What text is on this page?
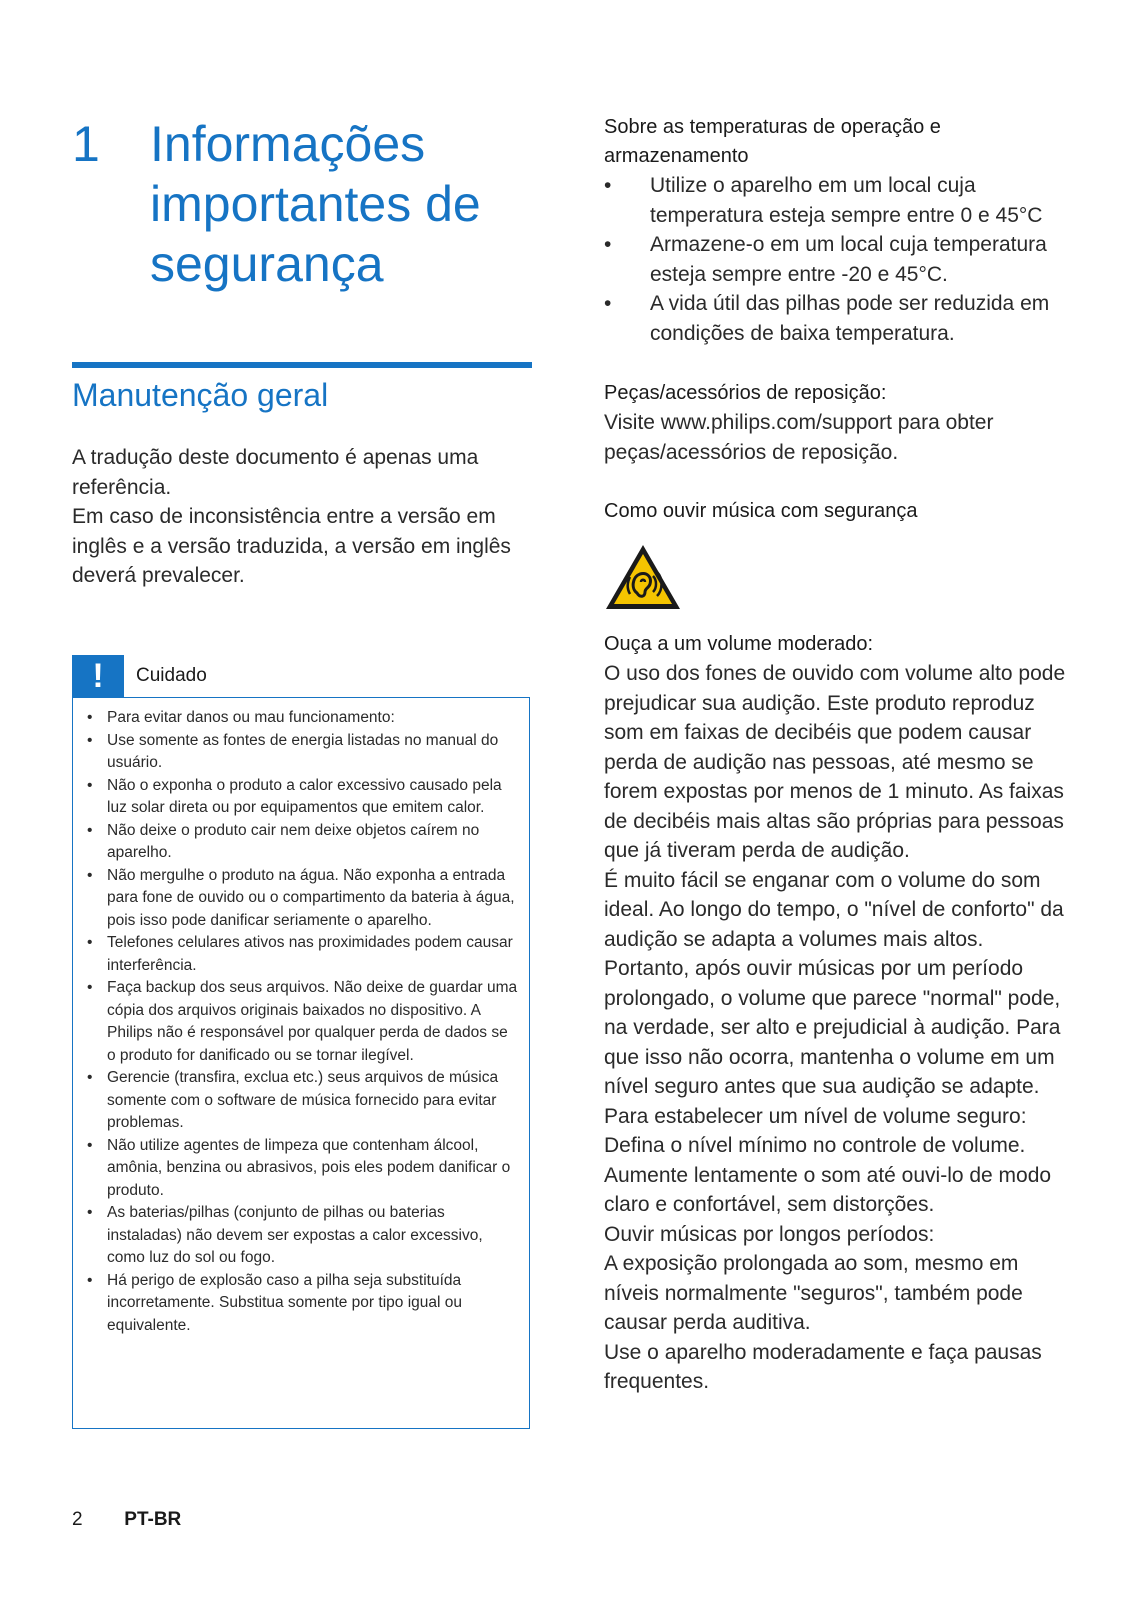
1	Informações importantes de segurança
Manutenção geral

A tradução deste documento é apenas uma referência.

Em caso de inconsistência entre a versão em inglês e a versão traduzida, a versão em inglês deverá prevalecer.

!	Cuidado
• Para evitar danos ou mau funcionamento:
• Use somente as fontes de energia listadas no manual do usuário.
• Não o exponha o produto a calor excessivo causado pela luz solar direta ou por equipamentos que emitem calor.
• Não deixe o produto cair nem deixe objetos caírem no aparelho.
• Não mergulhe o produto na água. Não exponha a entrada para fone de ouvido ou o compartimento da bateria à água, pois isso pode danificar seriamente o aparelho.
• Telefones celulares ativos nas proximidades podem causar interferência.
• Faça backup dos seus arquivos. Não deixe de guardar uma cópia dos arquivos originais baixados no dispositivo. A Philips não é responsável por qualquer perda de dados se o produto for danificado ou se tornar ilegível.
• Gerencie (transfira, exclua etc.) seus arquivos de música somente com o software de música fornecido para evitar problemas.
• Não utilize agentes de limpeza que contenham álcool, amônia, benzina ou abrasivos, pois eles podem danificar o produto.
• As baterias/pilhas (conjunto de pilhas ou baterias instaladas) não devem ser expostas a calor excessivo, como luz do sol ou fogo.
• Há perigo de explosão caso a pilha seja substituída incorretamente. Substitua somente por tipo igual ou equivalente.

Sobre as temperaturas de operação e armazenamento

• Utilize o aparelho em um local cuja temperatura esteja sempre entre 0 e 45°C
• Armazene-o em um local cuja temperatura esteja sempre entre -20 e 45°C.
• A vida útil das pilhas pode ser reduzida em condições de baixa temperatura.

Peças/acessórios de reposição:

Visite www.philips.com/support para obter peças/acessórios de reposição.

Como ouvir música com segurança

Ouça a um volume moderado:

O uso dos fones de ouvido com volume alto pode prejudicar sua audição. Este produto reproduz som em faixas de decibéis que podem causar perda de audição nas pessoas, até mesmo se forem expostas por menos de 1 minuto. As faixas de decibéis mais altas são próprias para pessoas que já tiveram perda de audição.

É muito fácil se enganar com o volume do som ideal. Ao longo do tempo, o "nível de conforto" da audição se adapta a volumes mais altos. Portanto, após ouvir músicas por um período prolongado, o volume que parece "normal" pode, na verdade, ser alto e prejudicial à audição. Para que isso não ocorra, mantenha o volume em um nível seguro antes que sua audição se adapte.

Para estabelecer um nível de volume seguro:

Defina o nível mínimo no controle de volume.

Aumente lentamente o som até ouvi-lo de modo claro e confortável, sem distorções.

Ouvir músicas por longos períodos:

A exposição prolongada ao som, mesmo em níveis normalmente "seguros", também pode causar perda auditiva.

Use o aparelho moderadamente e faça pausas frequentes.

2 PT-BR
